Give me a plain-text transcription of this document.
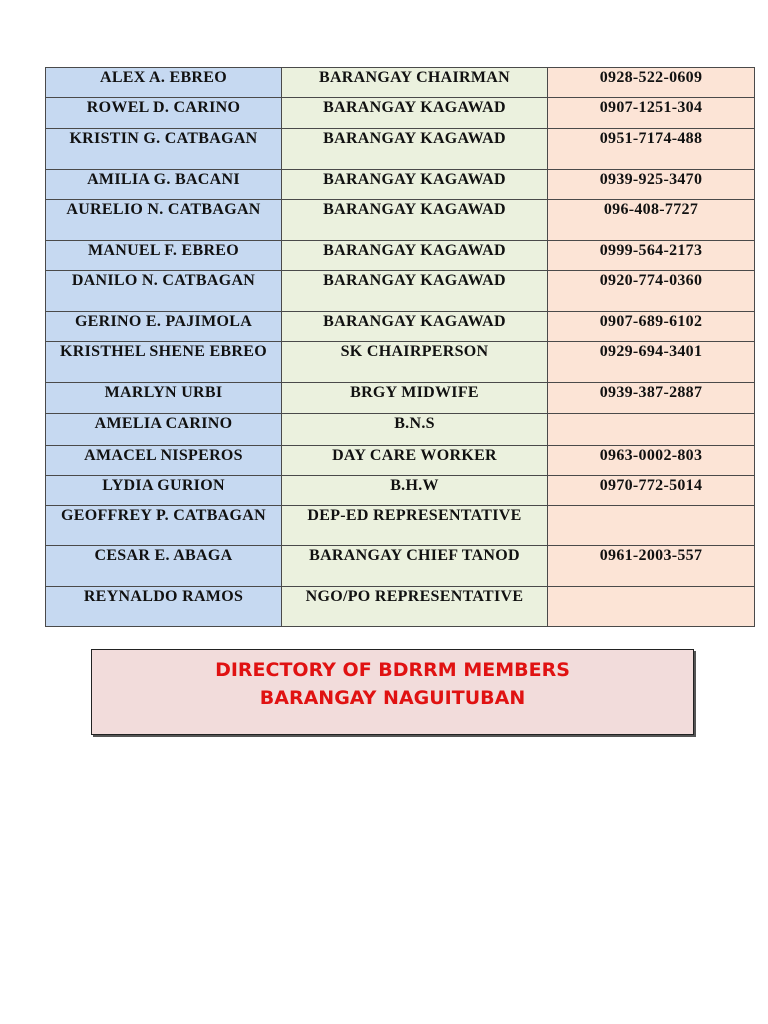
ALEX A. EBREO	BARANGAY CHAIRMAN	0928-522-0609
ROWEL D. CARINO	BARANGAY KAGAWAD	0907-1251-304
KRISTIN G. CATBAGAN	BARANGAY KAGAWAD	0951-7174-488
AMILIA G. BACANI	BARANGAY KAGAWAD	0939-925-3470
AURELIO N. CATBAGAN	BARANGAY KAGAWAD	096-408-7727
MANUEL F. EBREO	BARANGAY KAGAWAD	0999-564-2173
DANILO N. CATBAGAN	BARANGAY KAGAWAD	0920-774-0360
GERINO E. PAJIMOLA	BARANGAY KAGAWAD	0907-689-6102
KRISTHEL SHENE EBREO	SK CHAIRPERSON	0929-694-3401
MARLYN URBI	BRGY MIDWIFE	0939-387-2887
AMELIA CARINO	B.N.S	
AMACEL NISPEROS	DAY CARE WORKER	0963-0002-803
LYDIA GURION	B.H.W	0970-772-5014
GEOFFREY P. CATBAGAN	DEP-ED REPRESENTATIVE	
CESAR E. ABAGA	BARANGAY CHIEF TANOD	0961-2003-557
REYNALDO RAMOS	NGO/PO REPRESENTATIVE	
DIRECTORY OF BDRRM MEMBERS
BARANGAY NAGUITUBAN
